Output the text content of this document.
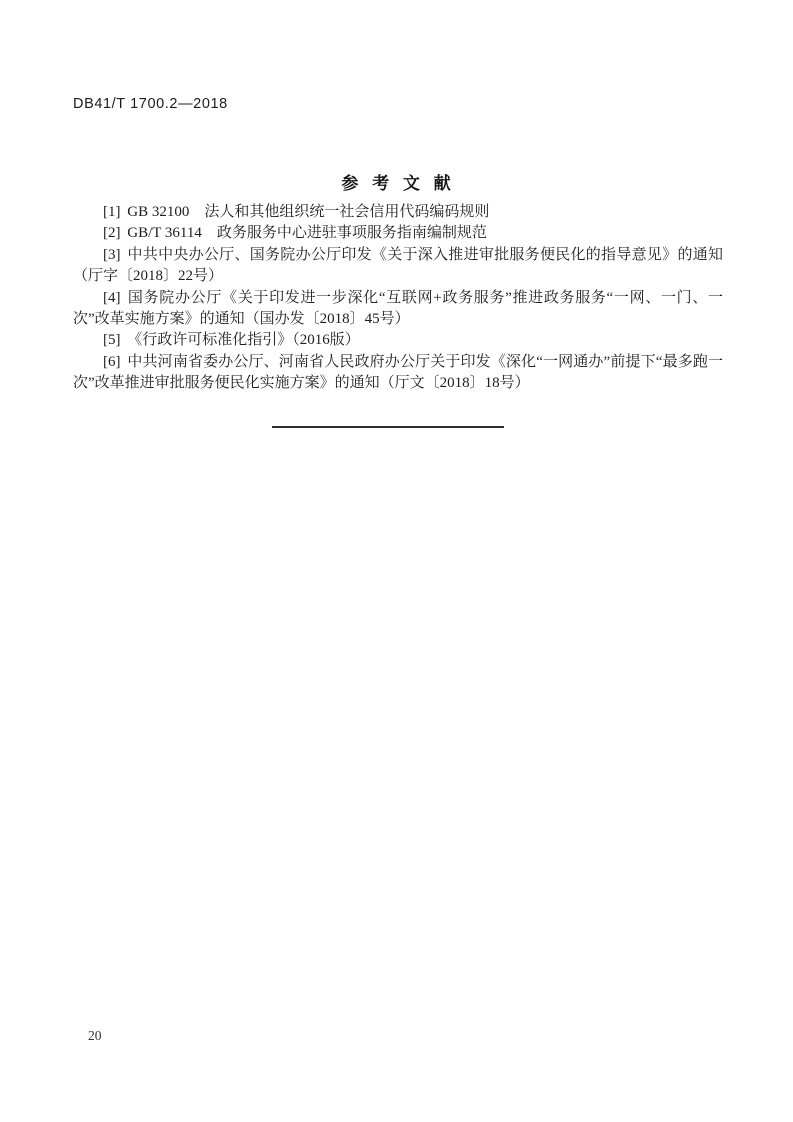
DB41/T 1700.2—2018
参 考 文 献

[1] GB 32100　法人和其他组织统一社会信用代码编码规则

[2] GB/T 36114　政务服务中心进驻事项服务指南编制规范

[3] 中共中央办公厅、国务院办公厅印发《关于深入推进审批服务便民化的指导意见》的通知（厅字〔2018〕22号）

[4] 国务院办公厅《关于印发进一步深化“互联网+政务服务”推进政务服务“一网、一门、一次”改革实施方案》的通知（国办发〔2018〕45号）

[5] 《行政许可标准化指引》（2016版）

[6] 中共河南省委办公厅、河南省人民政府办公厅关于印发《深化“一网通办”前提下“最多跑一次”改革推进审批服务便民化实施方案》的通知（厅文〔2018〕18号）

20
